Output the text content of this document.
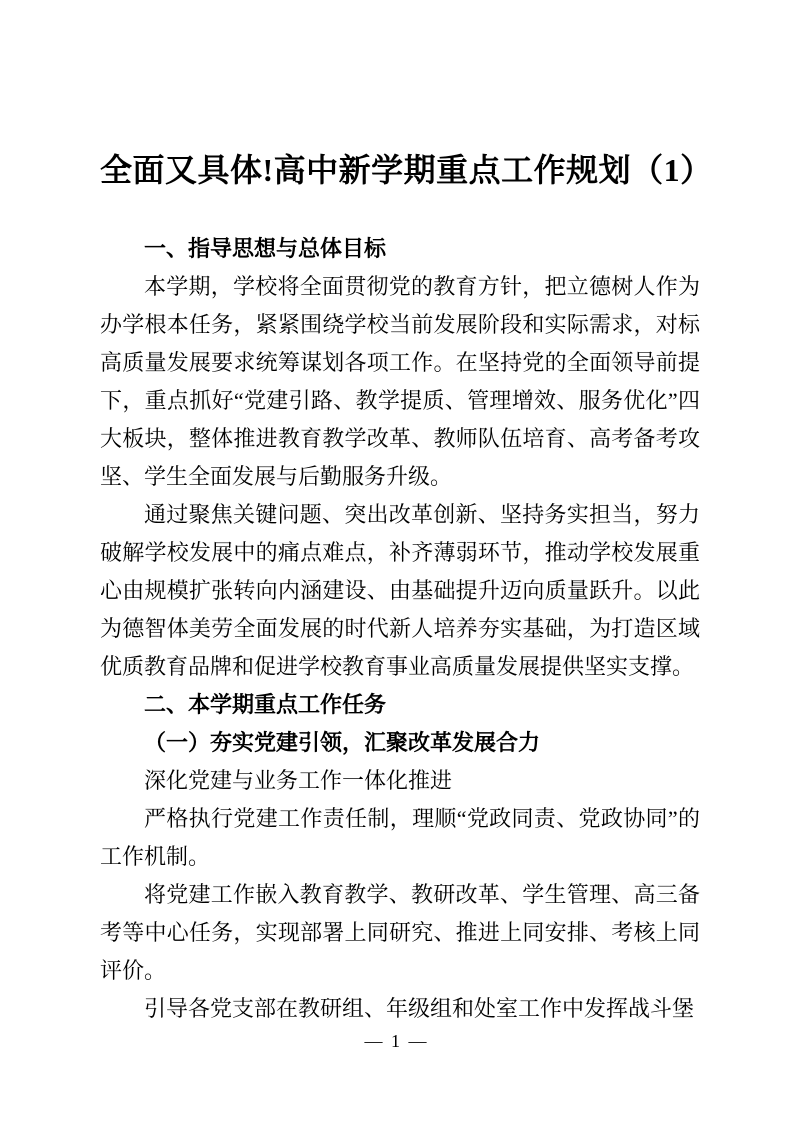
全面又具体!高中新学期重点工作规划（1）

一、指导思想与总体目标

本学期，学校将全面贯彻党的教育方针，把立德树人作为办学根本任务，紧紧围绕学校当前发展阶段和实际需求，对标高质量发展要求统筹谋划各项工作。在坚持党的全面领导前提下，重点抓好“党建引路、教学提质、管理增效、服务优化”四大板块，整体推进教育教学改革、教师队伍培育、高考备考攻坚、学生全面发展与后勤服务升级。

通过聚焦关键问题、突出改革创新、坚持务实担当，努力破解学校发展中的痛点难点，补齐薄弱环节，推动学校发展重心由规模扩张转向内涵建设、由基础提升迈向质量跃升。以此为德智体美劳全面发展的时代新人培养夯实基础，为打造区域优质教育品牌和促进学校教育事业高质量发展提供坚实支撑。

二、本学期重点工作任务

（一）夯实党建引领，汇聚改革发展合力

深化党建与业务工作一体化推进

严格执行党建工作责任制，理顺“党政同责、党政协同”的工作机制。

将党建工作嵌入教育教学、教研改革、学生管理、高三备考等中心任务，实现部署上同研究、推进上同安排、考核上同评价。

引导各党支部在教研组、年级组和处室工作中发挥战斗堡

— 1 —
